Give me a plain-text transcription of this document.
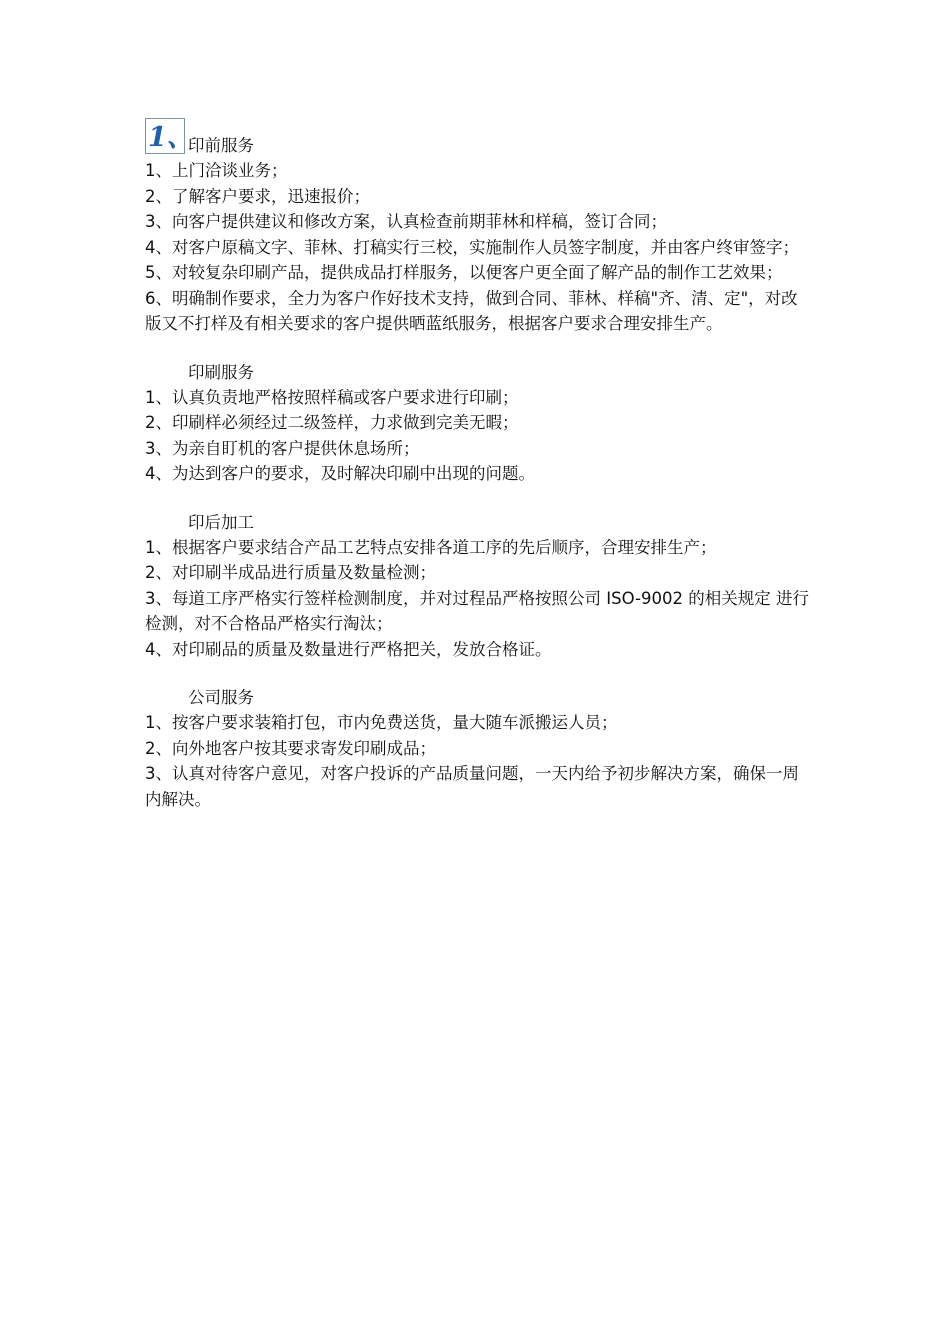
1、
印前服务
1、上门洽谈业务；
2、了解客户要求，迅速报价；
3、向客户提供建议和修改方案，认真检查前期菲林和样稿，签订合同；
4、对客户原稿文字、菲林、打稿实行三校，实施制作人员签字制度，并由客户终审签字；
5、对较复杂印刷产品，提供成品打样服务，以便客户更全面了解产品的制作工艺效果；
6、明确制作要求，全力为客户作好技术支持，做到合同、菲林、样稿"齐、清、定"，对改版又不打样及有相关要求的客户提供晒蓝纸服务，根据客户要求合理安排生产。
印刷服务
1、认真负责地严格按照样稿或客户要求进行印刷；
2、印刷样必须经过二级签样，力求做到完美无暇；
3、为亲自盯机的客户提供休息场所；
4、为达到客户的要求，及时解决印刷中出现的问题。
印后加工
1、根据客户要求结合产品工艺特点安排各道工序的先后顺序，合理安排生产；
2、对印刷半成品进行质量及数量检测；
3、每道工序严格实行签样检测制度，并对过程品严格按照公司 ISO-9002 的相关规定 进行检测，对不合格品严格实行淘汰；
4、对印刷品的质量及数量进行严格把关，发放合格证。
公司服务
1、按客户要求装箱打包，市内免费送货，量大随车派搬运人员；
2、向外地客户按其要求寄发印刷成品；
3、认真对待客户意见，对客户投诉的产品质量问题，一天内给予初步解决方案，确保一周内解决。
